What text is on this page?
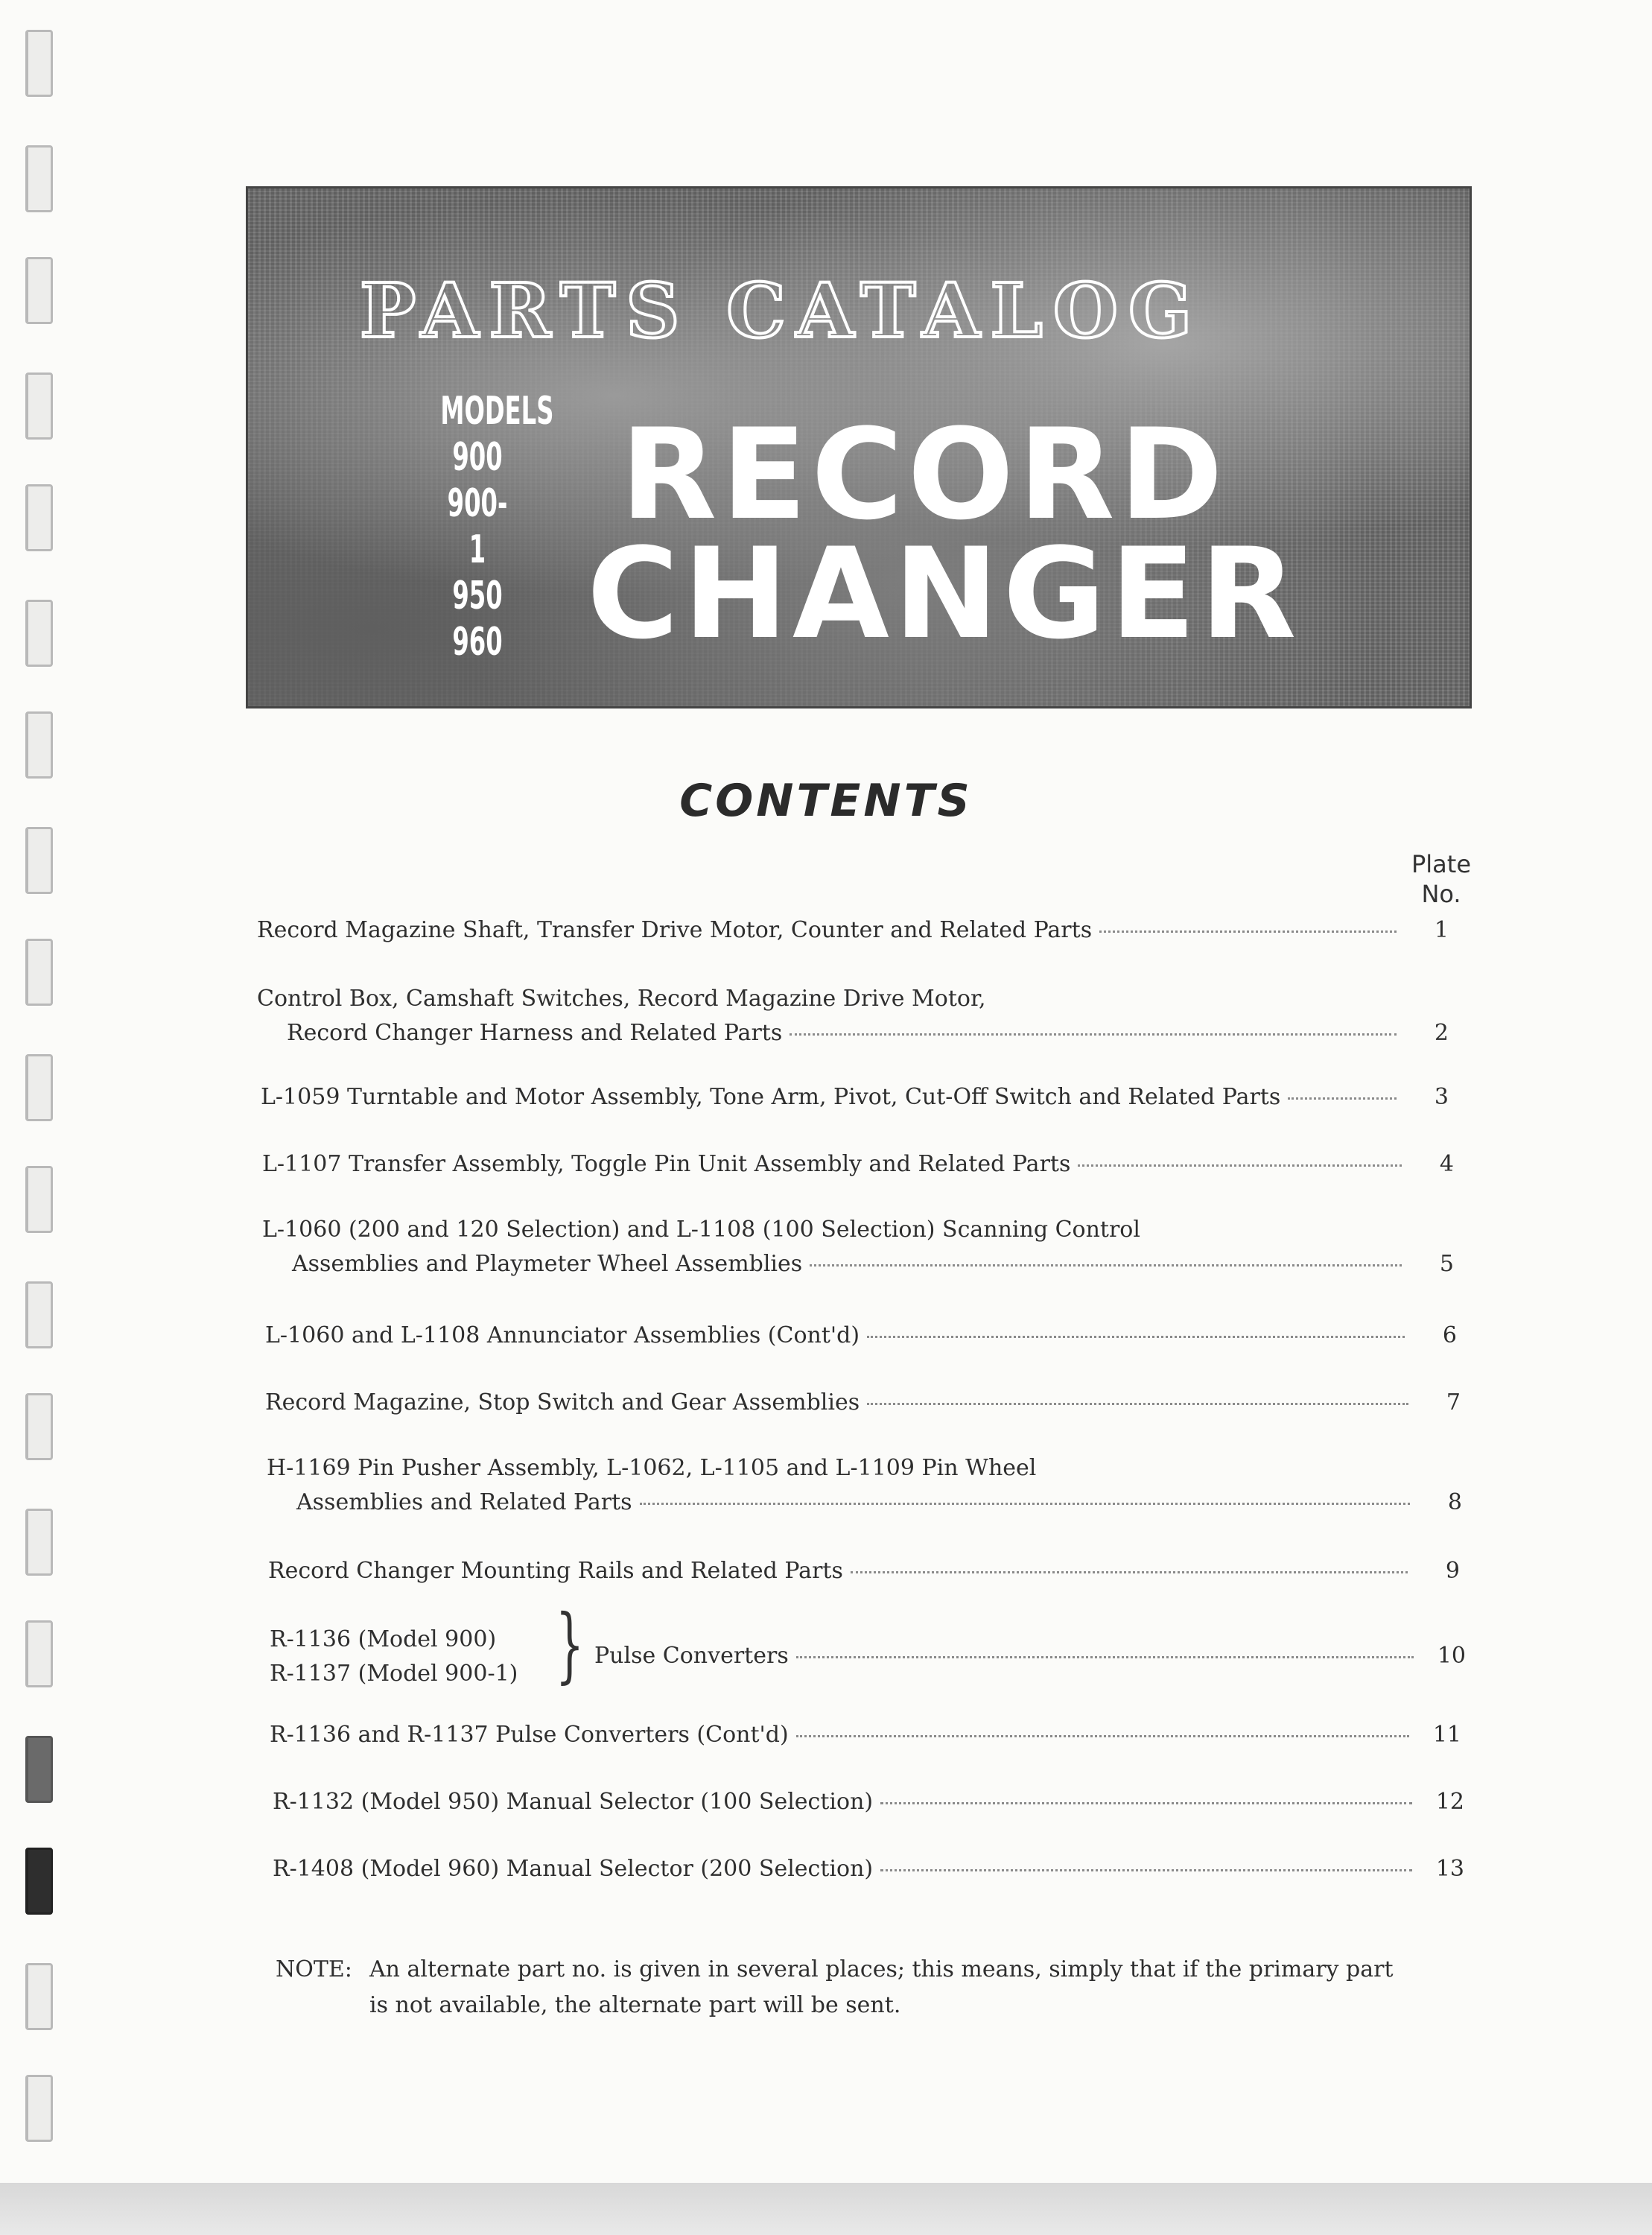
PARTS CATALOG
MODELS
900
900-1
950
960
RECORD
CHANGER
CONTENTS
Plate
No.
Record Magazine Shaft, Transfer Drive Motor, Counter and Related Parts	1
Control Box, Camshaft Switches, Record Magazine Drive Motor,
Record Changer Harness and Related Parts	2
L-1059 Turntable and Motor Assembly, Tone Arm, Pivot, Cut-Off Switch and Related Parts	3
L-1107 Transfer Assembly, Toggle Pin Unit Assembly and Related Parts	4
L-1060 (200 and 120 Selection) and L-1108 (100 Selection) Scanning Control
Assemblies and Playmeter Wheel Assemblies	5
L-1060 and L-1108 Annunciator Assemblies (Cont'd)	6
Record Magazine, Stop Switch and Gear Assemblies	7
H-1169 Pin Pusher Assembly, L-1062, L-1105 and L-1109 Pin Wheel
Assemblies and Related Parts	8
Record Changer Mounting Rails and Related Parts	9
R-1136 (Model 900)
R-1137 (Model 900-1) } Pulse Converters	10
R-1136 and R-1137 Pulse Converters (Cont'd)	11
R-1132 (Model 950) Manual Selector (100 Selection)	12
R-1408 (Model 960) Manual Selector (200 Selection)	13
NOTE: An alternate part no. is given in several places; this means, simply that if the primary part
is not available, the alternate part will be sent.
